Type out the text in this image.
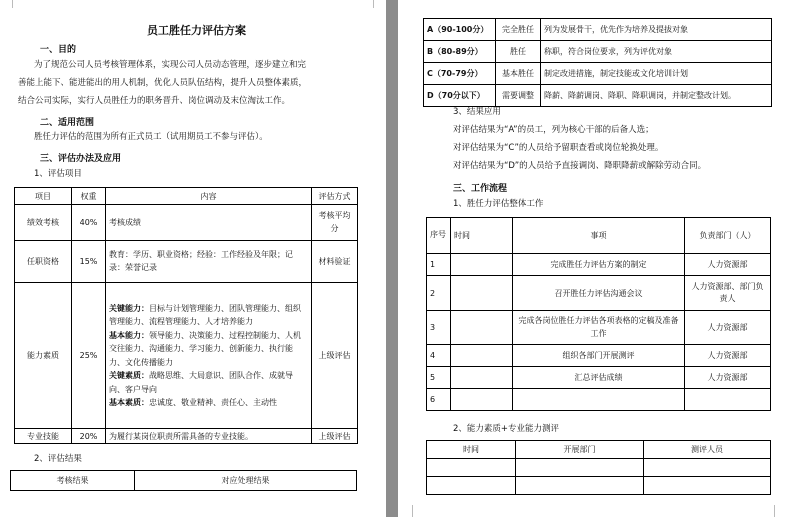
员工胜任力评估方案
一、目的
为了规范公司人员考核管理体系，实现公司人员动态管理，逐步建立和完
善能上能下、能进能出的用人机制，优化人员队伍结构，提升人员整体素质，
结合公司实际，实行人员胜任力的职务晋升、岗位调动及末位淘汰工作。
二、适用范围
胜任力评估的范围为所有正式员工（试用期员工不参与评估）。
三、评估办法及应用
1、评估项目
项目	权重	内容	评估方式
绩效考核	40%	考核成绩	考核平均分
任职资格	15%	教育：学历、职业资格；经验：工作经验及年限；记录：荣誉记录	材料验证
能力素质	25%	关键能力：目标与计划管理能力、团队管理能力、组织管理能力、流程管理能力、人才培养能力
基本能力：领导能力、决策能力、过程控制能力、人机交往能力、沟通能力、学习能力、创新能力、执行能力、文化传播能力
关键素质：战略思维、大局意识、团队合作、成就导向、客户导向
基本素质：忠诚度、敬业精神、责任心、主动性	上级评估
专业技能	20%	为履行某岗位职责所需具备的专业技能。	上级评估
2、评估结果
考核结果	对应处理结果
A（90-100分）	完全胜任	列为发展骨干，优先作为培养及提拔对象
B（80-89分）	胜任	称职，符合岗位要求，列为评优对象
C（70-79分）	基本胜任	制定改进措施，制定技能或文化培训计划
D（70分以下）	需要调整	降薪、降薪调岗、降职、降职调岗，并制定整改计划。
3、结果应用
对评估结果为“A”的员工，列为核心干部的后备人选；
对评估结果为“C”的人员给予留职查看或岗位轮换处理。
对评估结果为“D”的人员给予直接调岗、降职降薪或解除劳动合同。
三、工作流程
1、胜任力评估整体工作
序号	时间	事项	负责部门（人）
1		完成胜任力评估方案的制定	人力资源部
2		召开胜任力评估沟通会议	人力资源部、部门负责人
3		完成各岗位胜任力评估各项表格的定稿及准备工作	人力资源部
4		组织各部门开展测评	人力资源部
5		汇总评估成绩	人力资源部
6			
2、能力素质+专业能力测评
时间	开展部门	测评人员
